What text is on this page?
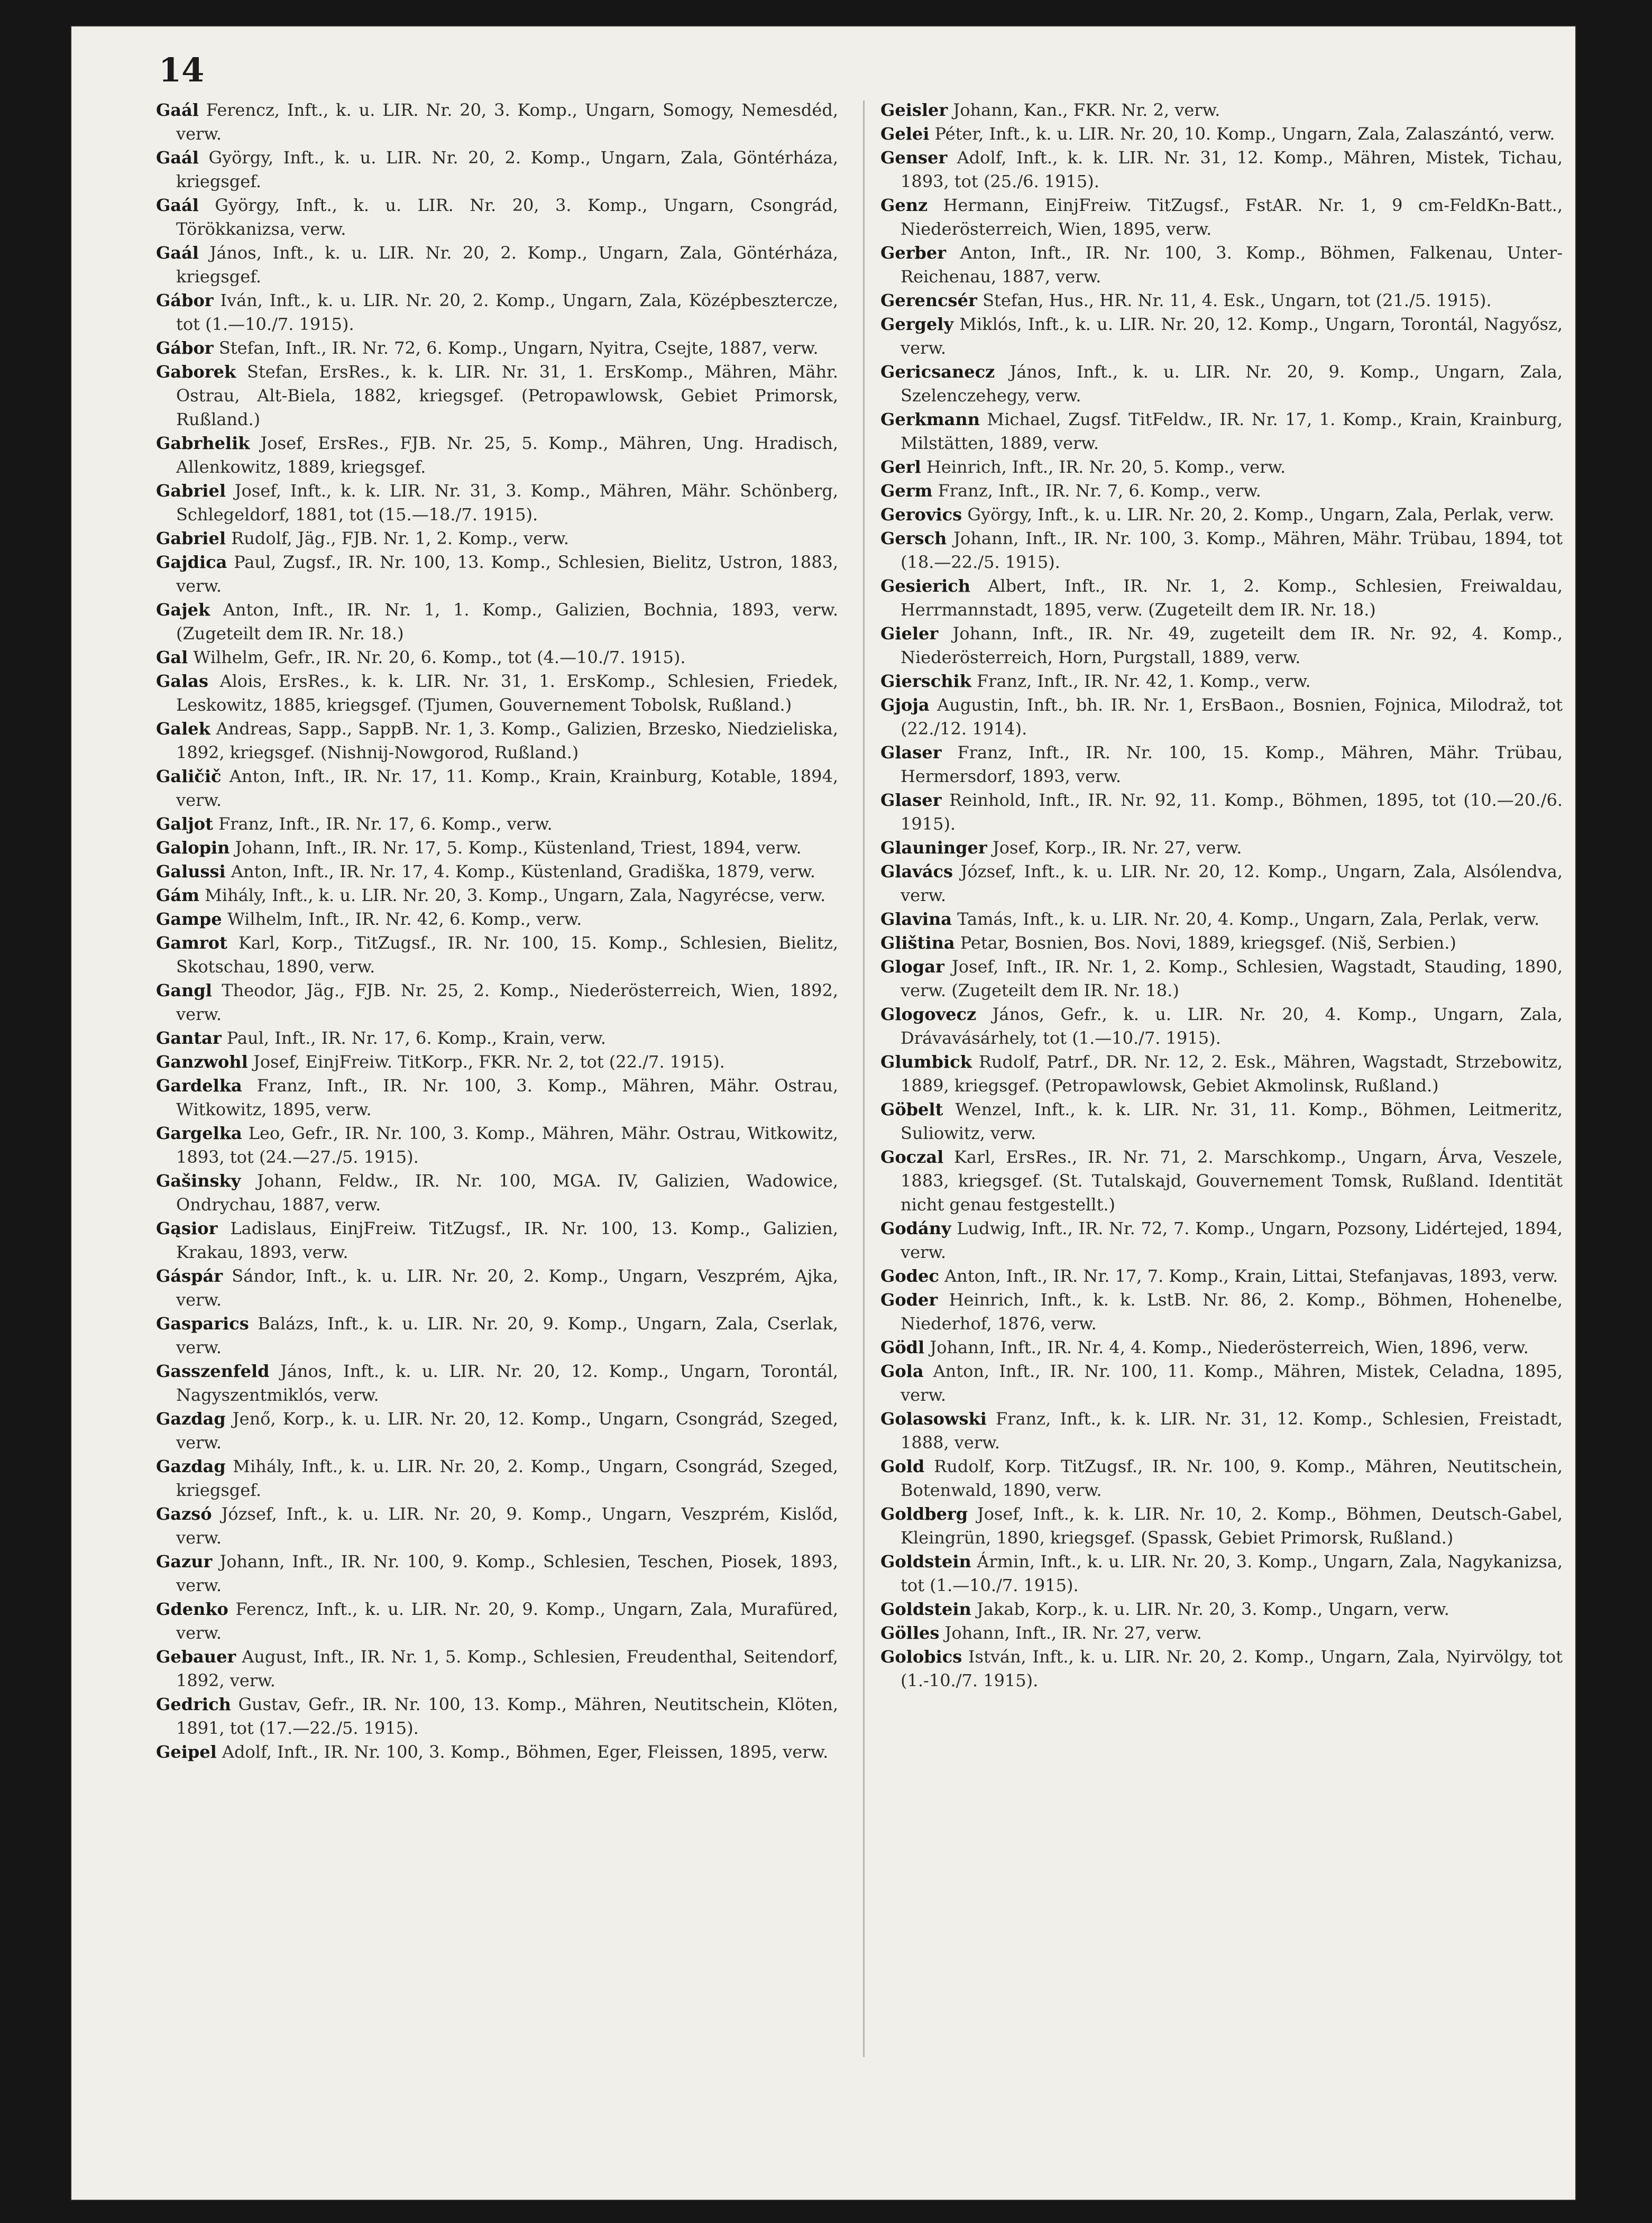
14

Gaál Ferencz, Inft., k. u. LIR. Nr. 20, 3. Komp., Ungarn, Somogy, Nemesdéd, verw.

Gaál György, Inft., k. u. LIR. Nr. 20, 2. Komp., Ungarn, Zala, Göntérháza, kriegsgef.

Gaál György, Inft., k. u. LIR. Nr. 20, 3. Komp., Ungarn, Csongrád, Törökkanizsa, verw.

Gaál János, Inft., k. u. LIR. Nr. 20, 2. Komp., Ungarn, Zala, Göntérháza, kriegsgef.

Gábor Iván, Inft., k. u. LIR. Nr. 20, 2. Komp., Ungarn, Zala, Középbesztercze, tot (1.—10./7. 1915).

Gábor Stefan, Inft., IR. Nr. 72, 6. Komp., Ungarn, Nyitra, Csejte, 1887, verw.

Gaborek Stefan, ErsRes., k. k. LIR. Nr. 31, 1. ErsKomp., Mähren, Mähr. Ostrau, Alt-Biela, 1882, kriegsgef. (Petropawlowsk, Gebiet Primorsk, Rußland.)

Gabrhelik Josef, ErsRes., FJB. Nr. 25, 5. Komp., Mähren, Ung. Hradisch, Allenkowitz, 1889, kriegsgef.

Gabriel Josef, Inft., k. k. LIR. Nr. 31, 3. Komp., Mähren, Mähr. Schönberg, Schlegeldorf, 1881, tot (15.—18./7. 1915).

Gabriel Rudolf, Jäg., FJB. Nr. 1, 2. Komp., verw.

Gajdica Paul, Zugsf., IR. Nr. 100, 13. Komp., Schlesien, Bielitz, Ustron, 1883, verw.

Gajek Anton, Inft., IR. Nr. 1, 1. Komp., Galizien, Bochnia, 1893, verw. (Zugeteilt dem IR. Nr. 18.)

Gal Wilhelm, Gefr., IR. Nr. 20, 6. Komp., tot (4.—10./7. 1915).

Galas Alois, ErsRes., k. k. LIR. Nr. 31, 1. ErsKomp., Schlesien, Friedek, Leskowitz, 1885, kriegsgef. (Tjumen, Gouvernement Tobolsk, Rußland.)

Galek Andreas, Sapp., SappB. Nr. 1, 3. Komp., Galizien, Brzesko, Niedzieliska, 1892, kriegsgef. (Nishnij-Nowgorod, Rußland.)

Galičič Anton, Inft., IR. Nr. 17, 11. Komp., Krain, Krainburg, Kotable, 1894, verw.

Galjot Franz, Inft., IR. Nr. 17, 6. Komp., verw.

Galopin Johann, Inft., IR. Nr. 17, 5. Komp., Küstenland, Triest, 1894, verw.

Galussi Anton, Inft., IR. Nr. 17, 4. Komp., Küstenland, Gradiška, 1879, verw.

Gám Mihály, Inft., k. u. LIR. Nr. 20, 3. Komp., Ungarn, Zala, Nagyrécse, verw.

Gampe Wilhelm, Inft., IR. Nr. 42, 6. Komp., verw.

Gamrot Karl, Korp., TitZugsf., IR. Nr. 100, 15. Komp., Schlesien, Bielitz, Skotschau, 1890, verw.

Gangl Theodor, Jäg., FJB. Nr. 25, 2. Komp., Niederösterreich, Wien, 1892, verw.

Gantar Paul, Inft., IR. Nr. 17, 6. Komp., Krain, verw.

Ganzwohl Josef, EinjFreiw. TitKorp., FKR. Nr. 2, tot (22./7. 1915).

Gardelka Franz, Inft., IR. Nr. 100, 3. Komp., Mähren, Mähr. Ostrau, Witkowitz, 1895, verw.

Gargelka Leo, Gefr., IR. Nr. 100, 3. Komp., Mähren, Mähr. Ostrau, Witkowitz, 1893, tot (24.—27./5. 1915).

Gašinsky Johann, Feldw., IR. Nr. 100, MGA. IV, Galizien, Wadowice, Ondrychau, 1887, verw.

Gąsior Ladislaus, EinjFreiw. TitZugsf., IR. Nr. 100, 13. Komp., Galizien, Krakau, 1893, verw.

Gáspár Sándor, Inft., k. u. LIR. Nr. 20, 2. Komp., Ungarn, Veszprém, Ajka, verw.

Gasparics Balázs, Inft., k. u. LIR. Nr. 20, 9. Komp., Ungarn, Zala, Cserlak, verw.

Gasszenfeld János, Inft., k. u. LIR. Nr. 20, 12. Komp., Ungarn, Torontál, Nagyszentmiklós, verw.

Gazdag Jenő, Korp., k. u. LIR. Nr. 20, 12. Komp., Ungarn, Csongrád, Szeged, verw.

Gazdag Mihály, Inft., k. u. LIR. Nr. 20, 2. Komp., Ungarn, Csongrád, Szeged, kriegsgef.

Gazsó József, Inft., k. u. LIR. Nr. 20, 9. Komp., Ungarn, Veszprém, Kislőd, verw.

Gazur Johann, Inft., IR. Nr. 100, 9. Komp., Schlesien, Teschen, Piosek, 1893, verw.

Gdenko Ferencz, Inft., k. u. LIR. Nr. 20, 9. Komp., Ungarn, Zala, Murafüred, verw.

Gebauer August, Inft., IR. Nr. 1, 5. Komp., Schlesien, Freudenthal, Seitendorf, 1892, verw.

Gedrich Gustav, Gefr., IR. Nr. 100, 13. Komp., Mähren, Neutitschein, Klöten, 1891, tot (17.—22./5. 1915).

Geipel Adolf, Inft., IR. Nr. 100, 3. Komp., Böhmen, Eger, Fleissen, 1895, verw.

Geisler Johann, Kan., FKR. Nr. 2, verw.

Gelei Péter, Inft., k. u. LIR. Nr. 20, 10. Komp., Ungarn, Zala, Zalaszántó, verw.

Genser Adolf, Inft., k. k. LIR. Nr. 31, 12. Komp., Mähren, Mistek, Tichau, 1893, tot (25./6. 1915).

Genz Hermann, EinjFreiw. TitZugsf., FstAR. Nr. 1, 9 cm-FeldKn-Batt., Niederösterreich, Wien, 1895, verw.

Gerber Anton, Inft., IR. Nr. 100, 3. Komp., Böhmen, Falkenau, Unter-Reichenau, 1887, verw.

Gerencsér Stefan, Hus., HR. Nr. 11, 4. Esk., Ungarn, tot (21./5. 1915).

Gergely Miklós, Inft., k. u. LIR. Nr. 20, 12. Komp., Ungarn, Torontál, Nagyősz, verw.

Gericsanecz János, Inft., k. u. LIR. Nr. 20, 9. Komp., Ungarn, Zala, Szelenczehegy, verw.

Gerkmann Michael, Zugsf. TitFeldw., IR. Nr. 17, 1. Komp., Krain, Krainburg, Milstätten, 1889, verw.

Gerl Heinrich, Inft., IR. Nr. 20, 5. Komp., verw.

Germ Franz, Inft., IR. Nr. 7, 6. Komp., verw.

Gerovics György, Inft., k. u. LIR. Nr. 20, 2. Komp., Ungarn, Zala, Perlak, verw.

Gersch Johann, Inft., IR. Nr. 100, 3. Komp., Mähren, Mähr. Trübau, 1894, tot (18.—22./5. 1915).

Gesierich Albert, Inft., IR. Nr. 1, 2. Komp., Schlesien, Freiwaldau, Herrmannstadt, 1895, verw. (Zugeteilt dem IR. Nr. 18.)

Gieler Johann, Inft., IR. Nr. 49, zugeteilt dem IR. Nr. 92, 4. Komp., Niederösterreich, Horn, Purgstall, 1889, verw.

Gierschik Franz, Inft., IR. Nr. 42, 1. Komp., verw.

Gjoja Augustin, Inft., bh. IR. Nr. 1, ErsBaon., Bosnien, Fojnica, Milodraž, tot (22./12. 1914).

Glaser Franz, Inft., IR. Nr. 100, 15. Komp., Mähren, Mähr. Trübau, Hermersdorf, 1893, verw.

Glaser Reinhold, Inft., IR. Nr. 92, 11. Komp., Böhmen, 1895, tot (10.—20./6. 1915).

Glauninger Josef, Korp., IR. Nr. 27, verw.

Glavács József, Inft., k. u. LIR. Nr. 20, 12. Komp., Ungarn, Zala, Alsólendva, verw.

Glavina Tamás, Inft., k. u. LIR. Nr. 20, 4. Komp., Ungarn, Zala, Perlak, verw.

Gliština Petar, Bosnien, Bos. Novi, 1889, kriegsgef. (Niš, Serbien.)

Glogar Josef, Inft., IR. Nr. 1, 2. Komp., Schlesien, Wagstadt, Stauding, 1890, verw. (Zugeteilt dem IR. Nr. 18.)

Glogovecz János, Gefr., k. u. LIR. Nr. 20, 4. Komp., Ungarn, Zala, Drávavásárhely, tot (1.—10./7. 1915).

Glumbick Rudolf, Patrf., DR. Nr. 12, 2. Esk., Mähren, Wagstadt, Strzebowitz, 1889, kriegsgef. (Petropawlowsk, Gebiet Akmolinsk, Rußland.)

Göbelt Wenzel, Inft., k. k. LIR. Nr. 31, 11. Komp., Böhmen, Leitmeritz, Suliowitz, verw.

Goczal Karl, ErsRes., IR. Nr. 71, 2. Marschkomp., Ungarn, Árva, Veszele, 1883, kriegsgef. (St. Tutalskajd, Gouvernement Tomsk, Rußland. Identität nicht genau festgestellt.)

Godány Ludwig, Inft., IR. Nr. 72, 7. Komp., Ungarn, Pozsony, Lidértejed, 1894, verw.

Godec Anton, Inft., IR. Nr. 17, 7. Komp., Krain, Littai, Stefanjavas, 1893, verw.

Goder Heinrich, Inft., k. k. LstB. Nr. 86, 2. Komp., Böhmen, Hohenelbe, Niederhof, 1876, verw.

Gödl Johann, Inft., IR. Nr. 4, 4. Komp., Niederösterreich, Wien, 1896, verw.

Gola Anton, Inft., IR. Nr. 100, 11. Komp., Mähren, Mistek, Celadna, 1895, verw.

Golasowski Franz, Inft., k. k. LIR. Nr. 31, 12. Komp., Schlesien, Freistadt, 1888, verw.

Gold Rudolf, Korp. TitZugsf., IR. Nr. 100, 9. Komp., Mähren, Neutitschein, Botenwald, 1890, verw.

Goldberg Josef, Inft., k. k. LIR. Nr. 10, 2. Komp., Böhmen, Deutsch-Gabel, Kleingrün, 1890, kriegsgef. (Spassk, Gebiet Primorsk, Rußland.)

Goldstein Ármin, Inft., k. u. LIR. Nr. 20, 3. Komp., Ungarn, Zala, Nagykanizsa, tot (1.—10./7. 1915).

Goldstein Jakab, Korp., k. u. LIR. Nr. 20, 3. Komp., Ungarn, verw.

Gölles Johann, Inft., IR. Nr. 27, verw.

Golobics István, Inft., k. u. LIR. Nr. 20, 2. Komp., Ungarn, Zala, Nyirvölgy, tot (1.-10./7. 1915).
